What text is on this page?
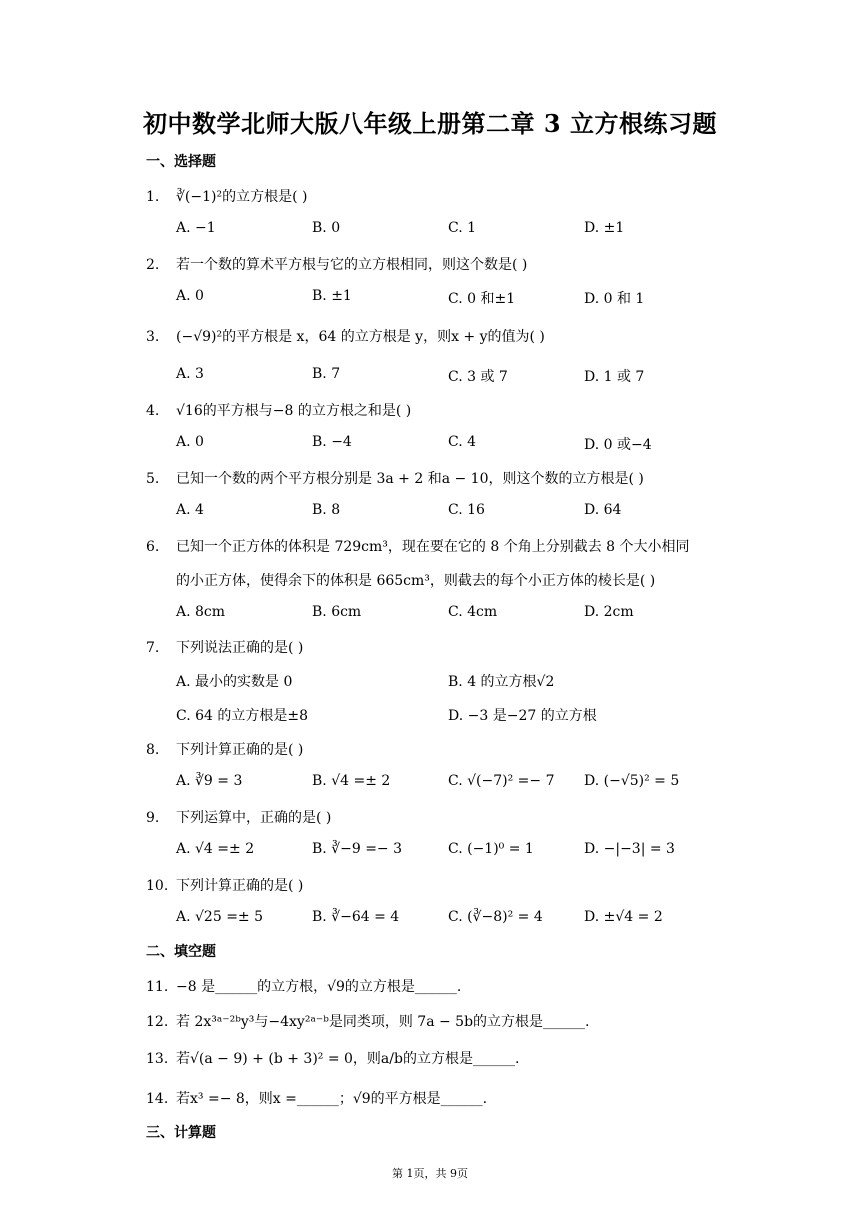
初中数学北师大版八年级上册第二章 3 立方根练习题
一、选择题
1. ∛(−1)²的立方根是( )
A. −1	B. 0	C. 1	D. ±1
2. 若一个数的算术平方根与它的立方根相同，则这个数是( )
A. 0	B. ±1	C. 0 和±1	D. 0 和 1
3. (−√9)²的平方根是 x，64 的立方根是 y，则x + y的值为( )
A. 3	B. 7	C. 3 或 7	D. 1 或 7
4. √16的平方根与−8 的立方根之和是( )
A. 0	B. −4	C. 4	D. 0 或−4
5. 已知一个数的两个平方根分别是 3a + 2 和a − 10，则这个数的立方根是( )
A. 4	B. 8	C. 16	D. 64
6. 已知一个正方体的体积是 729cm³，现在要在它的 8 个角上分别截去 8 个大小相同
的小正方体，使得余下的体积是 665cm³，则截去的每个小正方体的棱长是( )
A. 8cm	B. 6cm	C. 4cm	D. 2cm
7. 下列说法正确的是( )
A. 最小的实数是 0	B. 4 的立方根√2
C. 64 的立方根是±8	D. −3 是−27 的立方根
8. 下列计算正确的是( )
A. ∛9 = 3	B. √4 =± 2	C. √(−7)² =− 7 D. (−√5)² = 5
9. 下列运算中，正确的是( )
A. √4 =± 2	B. ∛−9 =− 3	C. (−1)⁰ = 1	D. −|−3| = 3
10. 下列计算正确的是( )
A. √25 =± 5	B. ∛−64 = 4	C. (∛−8)² = 4	D. ±√4 = 2
二、填空题
11. −8 是______的立方根，√9的立方根是______.
12. 若 2x³ᵃ⁻²ᵇy³与−4xy²ᵃ⁻ᵇ是同类项，则 7a − 5b的立方根是______.
13. 若√(a − 9) + (b + 3)² = 0，则a/b的立方根是______.
14. 若x³ =− 8，则x =______；√9的平方根是______.
三、计算题
第 1页，共 9页
